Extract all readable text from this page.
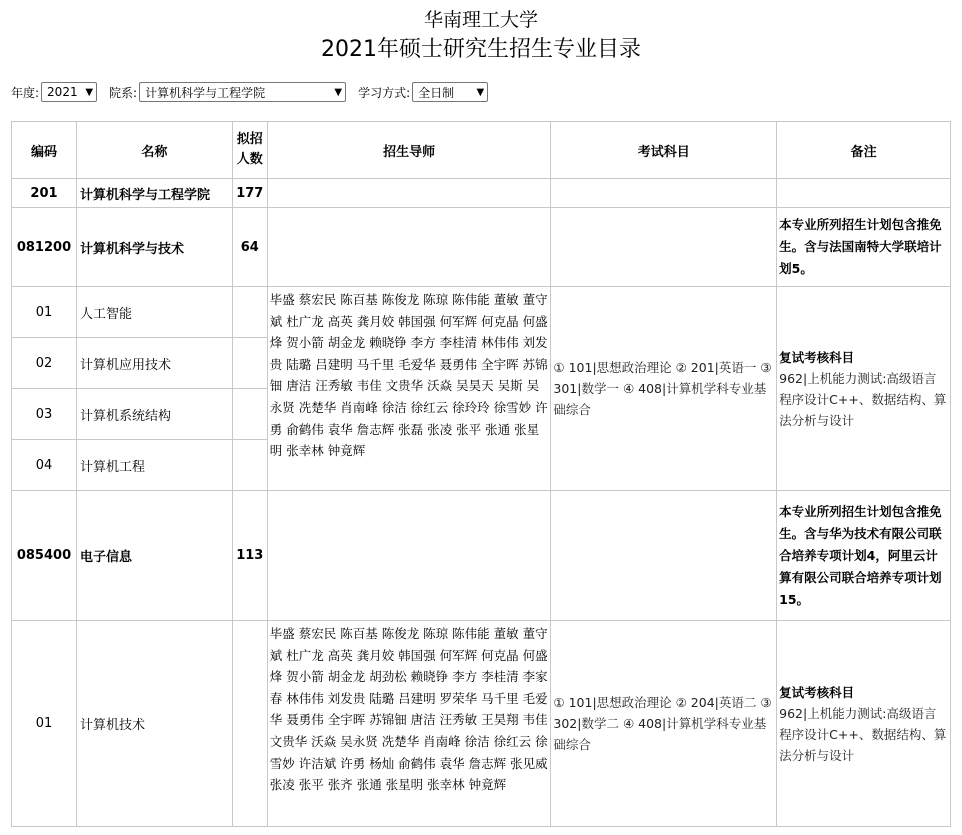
华南理工大学
2021年硕士研究生招生专业目录
年度: 2021 ▼ 院系: 计算机科学与工程学院	▼ 学习方式: 全日制 ▼
编码	名称	拟招人数	招生导师	考试科目	备注
201	计算机科学与工程学院	177			
081200	计算机科学与技术	64			本专业所列招生计划包含推免生。含与法国南特大学联培计划5。
01	人工智能		毕盛 蔡宏民 陈百基 陈俊龙 陈琼 陈伟能 董敏 董守斌 杜广龙 高英 龚月姣 韩国强 何军辉 何克晶 何盛烽 贺小箭 胡金龙 赖晓铮 李方 李桂清 林伟伟 刘发贵 陆璐 吕建明 马千里 毛爱华 聂勇伟 全宇晖 苏锦钿 唐洁 汪秀敏 韦佳 文贵华 沃焱 吴昊天 吴斯 吴永贤 冼楚华 肖南峰 徐洁 徐红云 徐玲玲 徐雪妙 许勇 俞鹤伟 袁华 詹志辉 张磊 张凌 张平 张通 张星明 张幸林 钟竟辉	① 101|思想政治理论 ② 201|英语一 ③ 301|数学一 ④ 408|计算机学科专业基础综合	复试考核科目
962|上机能力测试:高级语言程序设计C++、数据结构、算法分析与设计
02	计算机应用技术				
03	计算机系统结构				
04	计算机工程				
085400	电子信息	113			本专业所列招生计划包含推免生。含与华为技术有限公司联合培养专项计划4，阿里云计算有限公司联合培养专项计划15。
01	计算机技术		毕盛 蔡宏民 陈百基 陈俊龙 陈琼 陈伟能 董敏 董守斌 杜广龙 高英 龚月姣 韩国强 何军辉 何克晶 何盛烽 贺小箭 胡金龙 胡劲松 赖晓铮 李方 李桂清 李家春 林伟伟 刘发贵 陆璐 吕建明 罗荣华 马千里 毛爱华 聂勇伟 全宇晖 苏锦钿 唐洁 汪秀敏 王昊翔 韦佳 文贵华 沃焱 吴永贤 冼楚华 肖南峰 徐洁 徐红云 徐雪妙 许洁斌 许勇 杨灿 俞鹤伟 袁华 詹志辉 张见威 张凌 张平 张齐 张通 张星明 张幸林 钟竟辉	① 101|思想政治理论 ② 204|英语二 ③ 302|数学二 ④ 408|计算机学科专业基础综合	复试考核科目
962|上机能力测试:高级语言程序设计C++、数据结构、算法分析与设计
